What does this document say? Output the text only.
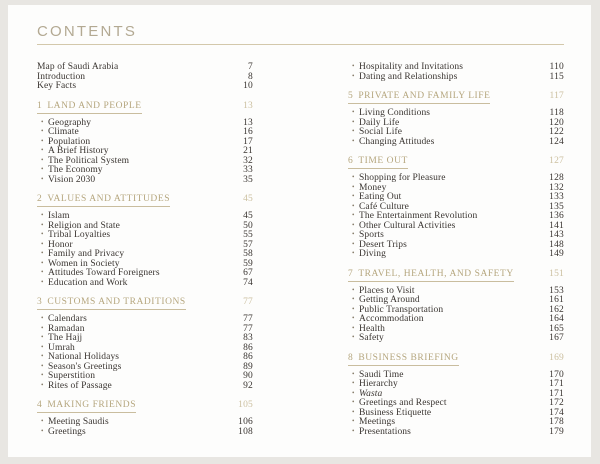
CONTENTS
Map of Saudi Arabia	7
Introduction	8
Key Facts	10
1 LAND AND PEOPLE	13
• Geography	13
• Climate	16
• Population	17
• A Brief History	21
• The Political System	32
• The Economy	33
• Vision 2030	35
2 VALUES AND ATTITUDES	45
• Islam	45
• Religion and State	50
• Tribal Loyalties	55
• Honor	57
• Family and Privacy	58
• Women in Society	59
• Attitudes Toward Foreigners	67
• Education and Work	74
3 CUSTOMS AND TRADITIONS	77
• Calendars	77
• Ramadan	77
• The Hajj	83
• Umrah	86
• National Holidays	86
• Season's Greetings	89
• Superstition	90
• Rites of Passage	92
4 MAKING FRIENDS	105
• Meeting Saudis	106
• Greetings	108
• Hospitality and Invitations	110
• Dating and Relationships	115
5 PRIVATE AND FAMILY LIFE	117
• Living Conditions	118
• Daily Life	120
• Social Life	122
• Changing Attitudes	124
6 TIME OUT	127
• Shopping for Pleasure	128
• Money	132
• Eating Out	133
• Café Culture	135
• The Entertainment Revolution	136
• Other Cultural Activities	141
• Sports	143
• Desert Trips	148
• Diving	149
7 TRAVEL, HEALTH, AND SAFETY	151
• Places to Visit	153
• Getting Around	161
• Public Transportation	162
• Accommodation	164
• Health	165
• Safety	167
8 BUSINESS BRIEFING	169
• Saudi Time	170
• Hierarchy	171
• Wasta	171
• Greetings and Respect	172
• Business Etiquette	174
• Meetings	178
• Presentations	179
